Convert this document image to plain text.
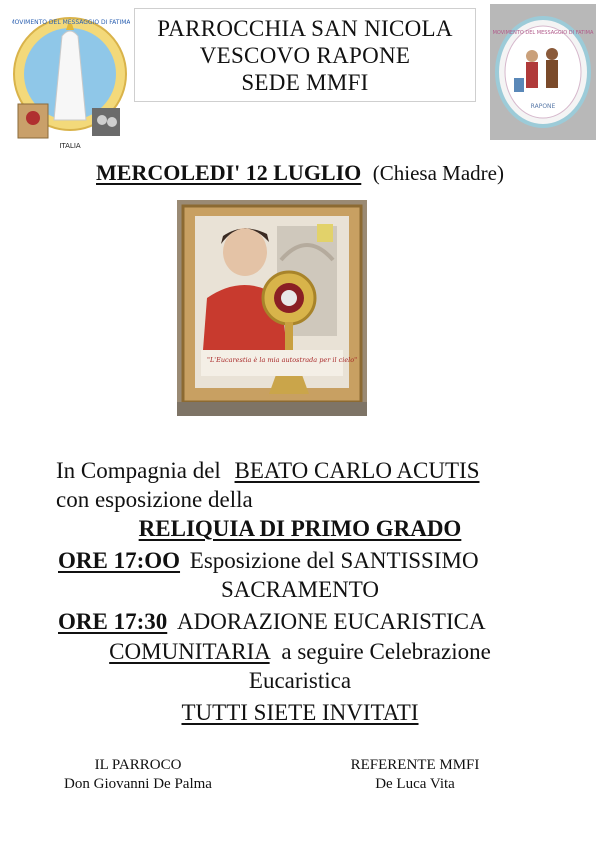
MOVIMENTO DEL MESSAGGIO DI FATIMA
ITALIA
PARROCCHIA SAN NICOLA
VESCOVO RAPONE
SEDE MMFI
MOVIMENTO DEL MESSAGGIO DI FATIMA
RAPONE
MERCOLEDI' 12 LUGLIO (Chiesa Madre)
"L'Eucarestia è la mia autostrada per il cielo"
In Compagnia del BEATO CARLO ACUTIS
con esposizione della
RELIQUIA DI PRIMO GRADO
ORE 17:OO Esposizione del SANTISSIMO
SACRAMENTO
ORE 17:30 ADORAZIONE EUCARISTICA
COMUNITARIA a seguire Celebrazione
Eucaristica
TUTTI SIETE INVITATI
IL PARROCO
Don Giovanni De Palma
REFERENTE MMFI
De Luca Vita
